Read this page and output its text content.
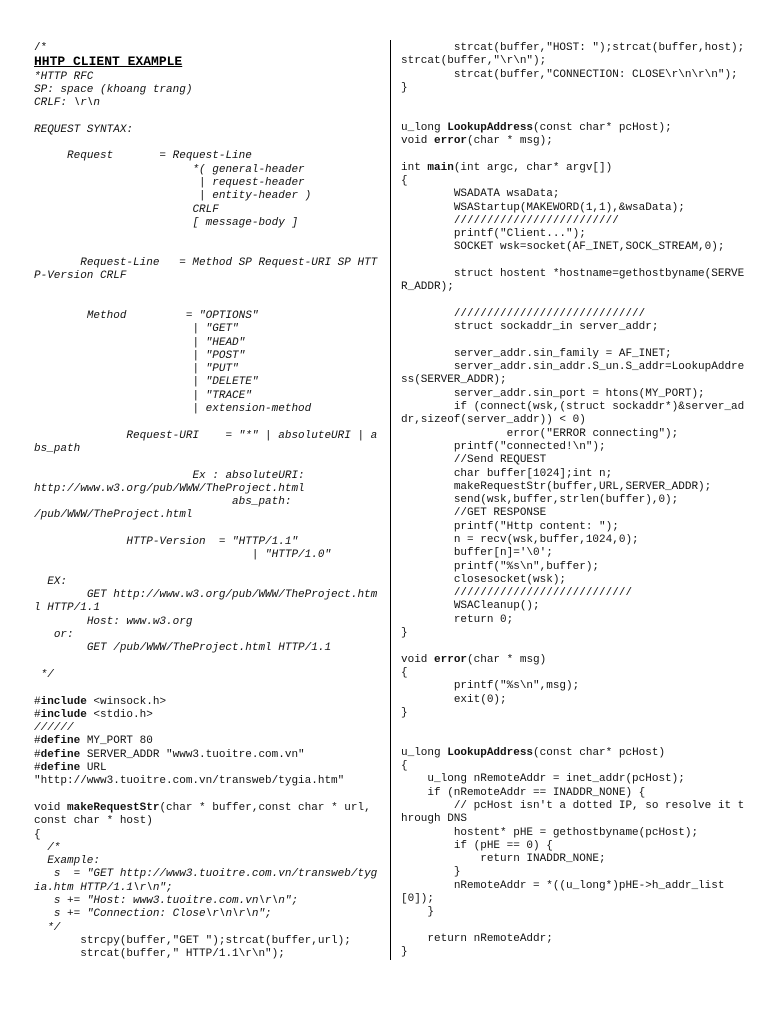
/*
HHTP CLIENT EXAMPLE
*HTTP RFC
SP: space (khoang trang)
CRLF: \r\n
REQUEST SYNTAX:
Request       = Request-Line
*( general-header
| request-header
| entity-header )
CRLF
[ message-body ]
Request-Line   = Method SP Request-URI SP HTTP-Version CRLF
Method         = "OPTIONS"
| "GET"
| "HEAD"
| "POST"
| "PUT"
| "DELETE"
| "TRACE"
| extension-method
Request-URI    = "*" | absoluteURI | abs_path
Ex : absoluteURI:
http://www.w3.org/pub/WWW/TheProject.html
abs_path:
/pub/WWW/TheProject.html
HTTP-Version  = "HTTP/1.1"
| "HTTP/1.0"
EX:
GET http://www.w3.org/pub/WWW/TheProject.html HTTP/1.1
Host: www.w3.org
or:
GET /pub/WWW/TheProject.html HTTP/1.1
*/
#include <winsock.h>
#include <stdio.h>
//////
#define MY_PORT 80
#define SERVER_ADDR "www3.tuoitre.com.vn"
#define URL
"http://www3.tuoitre.com.vn/transweb/tygia.htm"
void makeRequestStr(char * buffer,const char * url, const char * host)
{
/*
Example:
s  = "GET http://www3.tuoitre.com.vn/transweb/tygia.htm HTTP/1.1\r\n";
s += "Host: www3.tuoitre.com.vn\r\n";
s += "Connection: Close\r\n\r\n";
*/
strcpy(buffer,"GET ");strcat(buffer,url);
strcat(buffer," HTTP/1.1\r\n");
strcat(buffer,"HOST: ");strcat(buffer,host);strcat(buffer,"\r\n");
strcat(buffer,"CONNECTION: CLOSE\r\n\r\n");
}
u_long LookupAddress(const char* pcHost);
void error(char * msg);
int main(int argc, char* argv[])
{
WSADATA wsaData;
WSAStartup(MAKEWORD(1,1),&wsaData);
/////////////////////////
printf("Client...");
SOCKET wsk=socket(AF_INET,SOCK_STREAM,0);
struct hostent *hostname=gethostbyname(SERVER_ADDR);
/////////////////////////////
struct sockaddr_in server_addr;
server_addr.sin_family = AF_INET;
server_addr.sin_addr.S_un.S_addr=LookupAddress(SERVER_ADDR);
server_addr.sin_port = htons(MY_PORT);
if (connect(wsk,(struct sockaddr*)&server_addr,sizeof(server_addr)) < 0)
error("ERROR connecting");
printf("connected!\n");
//Send REQUEST
char buffer[1024];int n;
makeRequestStr(buffer,URL,SERVER_ADDR);
send(wsk,buffer,strlen(buffer),0);
//GET RESPONSE
printf("Http content: ");
n = recv(wsk,buffer,1024,0);
buffer[n]='\0';
printf("%s\n",buffer);
closesocket(wsk);
///////////////////////////
WSACleanup();
return 0;
}
void error(char * msg)
{
printf("%s\n",msg);
exit(0);
}
u_long LookupAddress(const char* pcHost)
{
u_long nRemoteAddr = inet_addr(pcHost);
if (nRemoteAddr == INADDR_NONE) {
// pcHost isn't a dotted IP, so resolve it through DNS
hostent* pHE = gethostbyname(pcHost);
if (pHE == 0) {
return INADDR_NONE;
}
nRemoteAddr = *((u_long*)pHE->h_addr_list[0]);
}
return nRemoteAddr;
}
